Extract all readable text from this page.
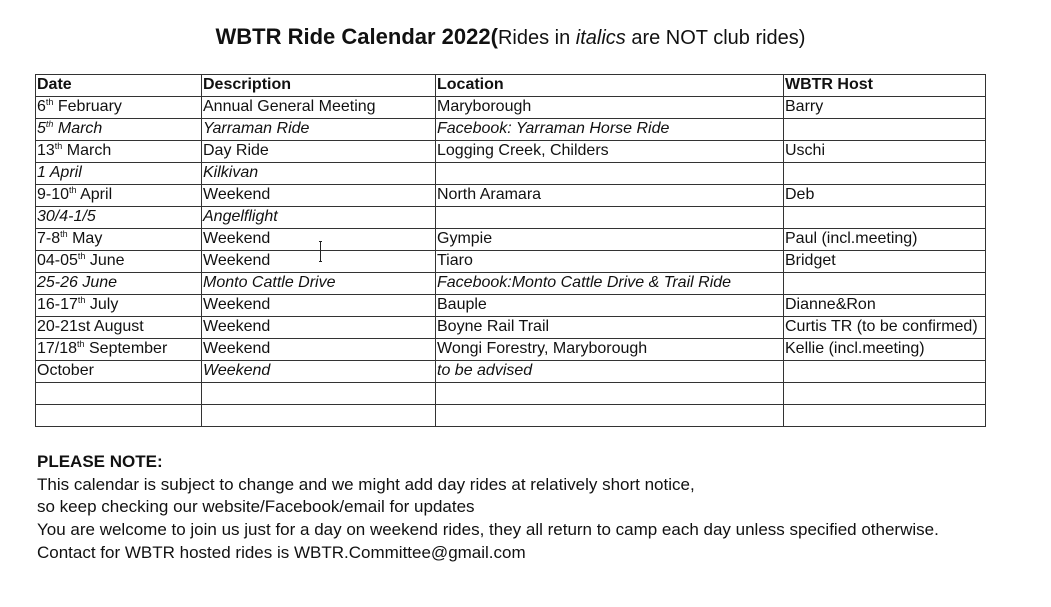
WBTR Ride Calendar 2022(Rides in italics are NOT club rides)
Date	Description	Location	WBTR Host
6th February	Annual General Meeting	Maryborough	Barry
5th March	Yarraman Ride	Facebook: Yarraman Horse Ride	
13th March	Day Ride	Logging Creek, Childers	Uschi
1 April	Kilkivan		
9-10th April	Weekend	North Aramara	Deb
30/4-1/5	Angelflight		
7-8th May	Weekend	Gympie	Paul (incl.meeting)
04-05th June	Weekend	Tiaro	Bridget
25-26 June	Monto Cattle Drive	Facebook:Monto Cattle Drive & Trail Ride	
16-17th July	Weekend	Bauple	Dianne&Ron
20-21st August	Weekend	Boyne Rail Trail	Curtis TR (to be confirmed)
17/18th September	Weekend	Wongi Forestry, Maryborough	Kellie (incl.meeting)
October	Weekend	to be advised	

PLEASE NOTE:
This calendar is subject to change and we might add day rides at relatively short notice,
so keep checking our website/Facebook/email for updates
You are welcome to join us just for a day on weekend rides, they all return to camp each day unless specified otherwise.
Contact for WBTR hosted rides is WBTR.Committee@gmail.com
